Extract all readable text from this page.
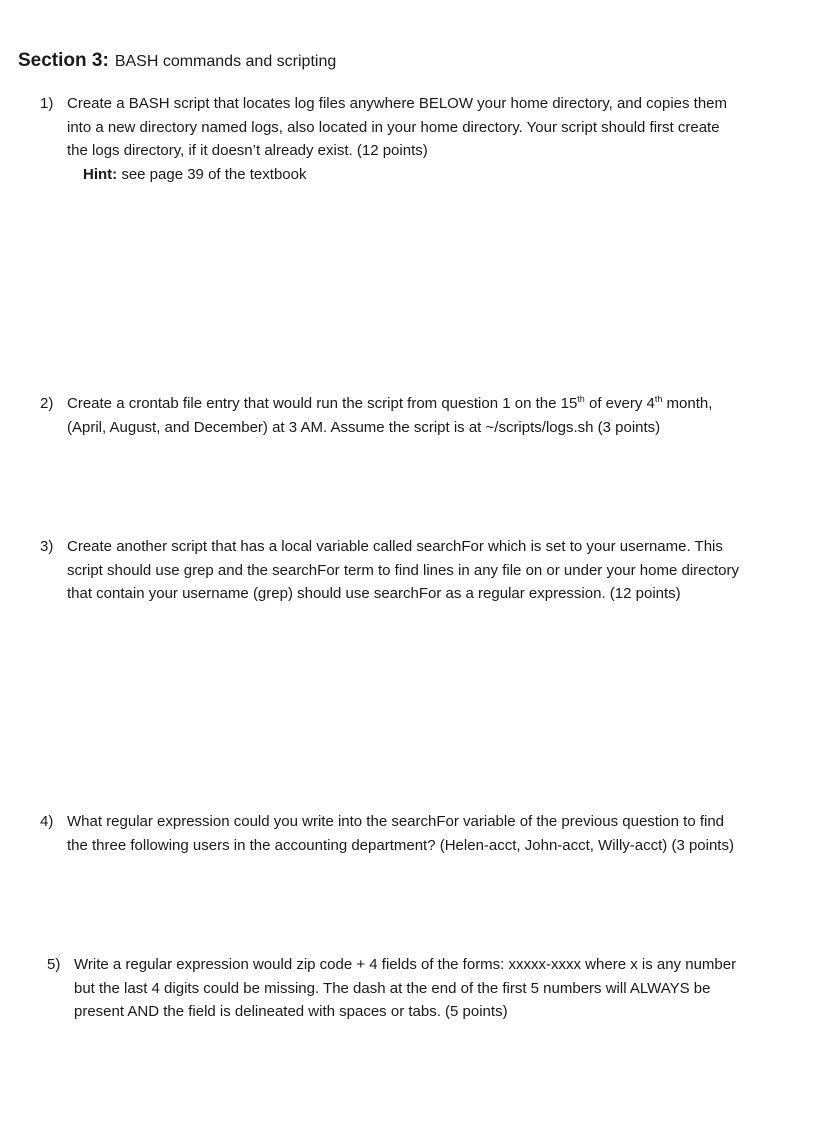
Section 3: BASH commands and scripting
1) Create a BASH script that locates log files anywhere BELOW your home directory, and copies them
into a new directory named logs, also located in your home directory. Your script should first create
the logs directory, if it doesn’t already exist. (12 points)
Hint: see page 39 of the textbook
2) Create a crontab file entry that would run the script from question 1 on the 15th of every 4th month,
(April, August, and December) at 3 AM. Assume the script is at ~/scripts/logs.sh (3 points)
3) Create another script that has a local variable called searchFor which is set to your username. This
script should use grep and the searchFor term to find lines in any file on or under your home directory
that contain your username (grep) should use searchFor as a regular expression. (12 points)
4) What regular expression could you write into the searchFor variable of the previous question to find
the three following users in the accounting department? (Helen-acct, John-acct, Willy-acct) (3 points)
5) Write a regular expression would zip code + 4 fields of the forms: xxxxx-xxxx where x is any number
but the last 4 digits could be missing. The dash at the end of the first 5 numbers will ALWAYS be
present AND the field is delineated with spaces or tabs. (5 points)
